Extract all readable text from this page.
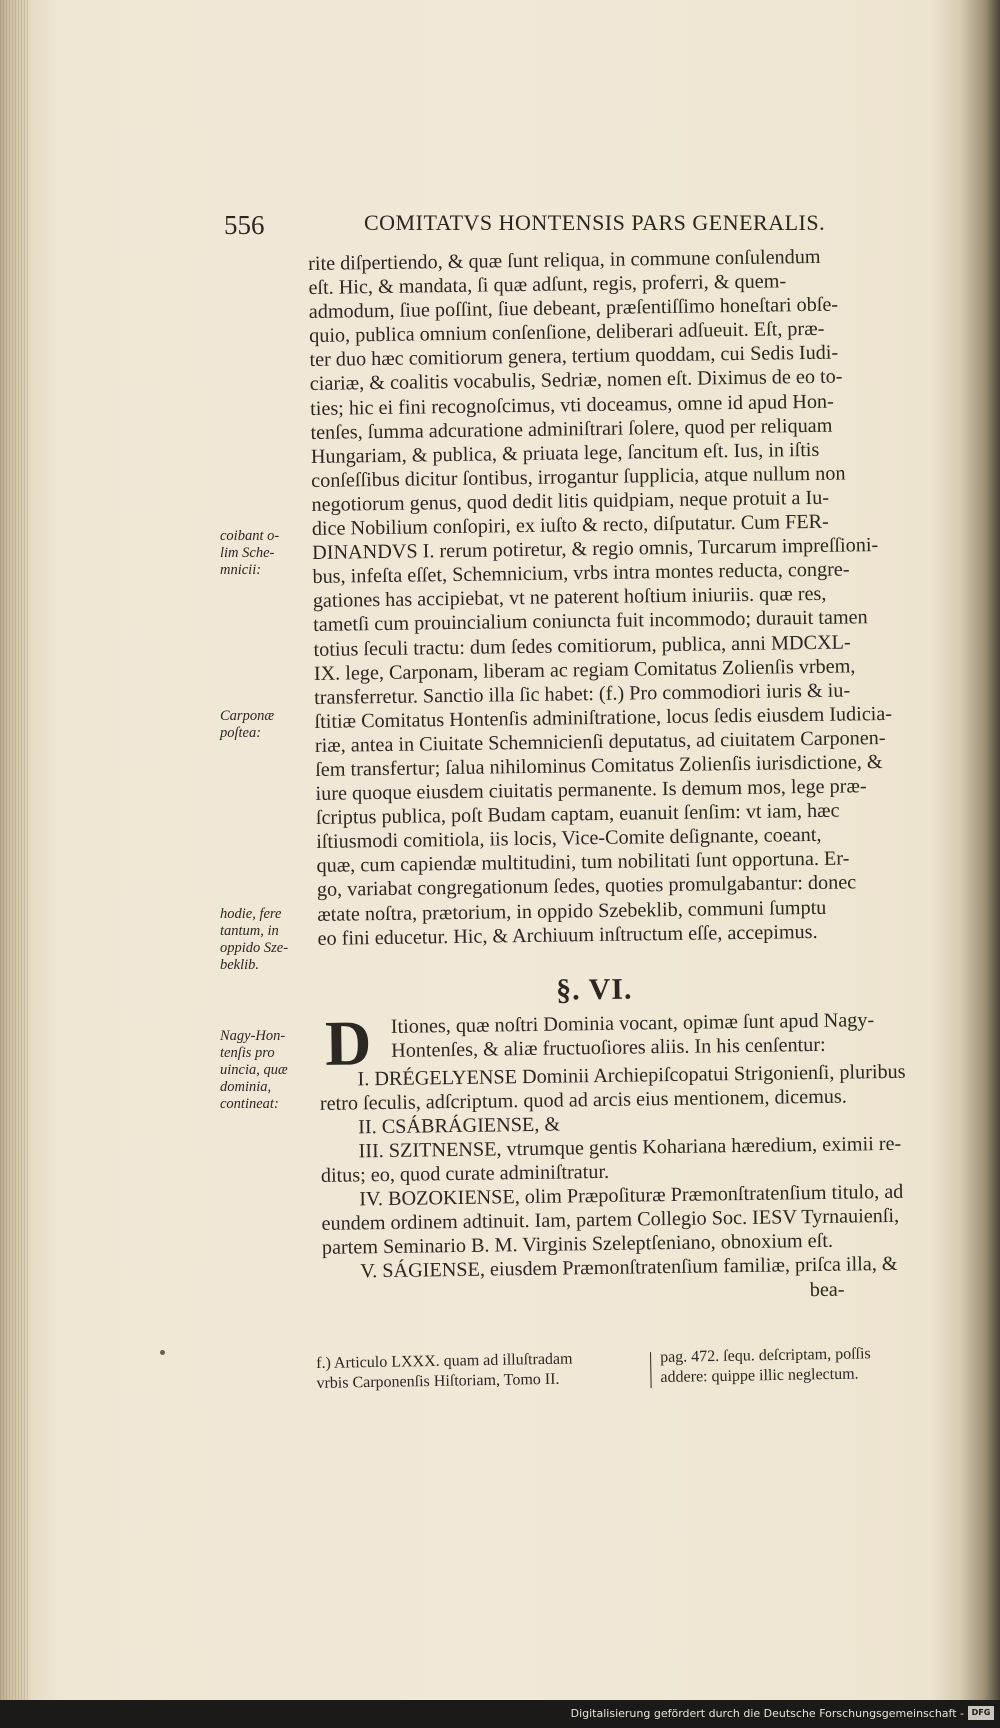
556	COMITATVS HONTENSIS PARS GENERALIS.
coibant o-
lim Sche-
mnicii:
Carponæ
poſtea:
hodie, fere
tantum, in
oppido Sze-
beklib.
Nagy-Hon-
tenſis pro
uincia, quæ
dominia,
contineat:
rite diſpertiendo, & quæ ſunt reliqua, in commune conſulendum
eſt. Hic, & mandata, ſi quæ adſunt, regis, proferri, & quem-
admodum, ſiue poſſint, ſiue debeant, præſentiſſimo honeſtari obſe-
quio, publica omnium conſenſione, deliberari adſueuit. Eſt, præ-
ter duo hæc comitiorum genera, tertium quoddam, cui Sedis Iudi-
ciariæ, & coalitis vocabulis, Sedriæ, nomen eſt. Diximus de eo to-
ties; hic ei fini recognoſcimus, vti doceamus, omne id apud Hon-
tenſes, ſumma adcuratione adminiſtrari ſolere, quod per reliquam
Hungariam, & publica, & priuata lege, ſancitum eſt. Ius, in iſtis
conſeſſibus dicitur ſontibus, irrogantur ſupplicia, atque nullum non
negotiorum genus, quod dedit litis quidpiam, neque protuit a Iu-
dice Nobilium conſopiri, ex iuſto & recto, diſputatur. Cum FER-
DINANDVS I. rerum potiretur, & regio omnis, Turcarum impreſſioni-
bus, infeſta eſſet, Schemnicium, vrbs intra montes reducta, congre-
gationes has accipiebat, vt ne paterent hoſtium iniuriis. quæ res,
tametſi cum prouincialium coniuncta fuit incommodo; durauit tamen
totius ſeculi tractu: dum ſedes comitiorum, publica, anni MDCXL-
IX. lege, Carponam, liberam ac regiam Comitatus Zolienſis vrbem,
transferretur. Sanctio illa ſic habet: (f.) Pro commodiori iuris & iu-
ſtitiæ Comitatus Hontenſis adminiſtratione, locus ſedis eiusdem Iudicia-
riæ, antea in Ciuitate Schemnicienſi deputatus, ad ciuitatem Carponen-
ſem transfertur; ſalua nihilominus Comitatus Zolienſis iurisdictione, &
iure quoque eiusdem ciuitatis permanente. Is demum mos, lege præ-
ſcriptus publica, poſt Budam captam, euanuit ſenſim: vt iam, hæc
iſtiusmodi comitiola, iis locis, Vice-Comite deſignante, coeant,
quæ, cum capiendæ multitudini, tum nobilitati ſunt opportuna. Er-
go, variabat congregationum ſedes, quoties promulgabantur: donec
ætate noſtra, prætorium, in oppido Szebeklib, communi ſumptu
eo fini educetur. Hic, & Archiuum inſtructum eſſe, accepimus.
§. VI.
D Itiones, quæ noſtri Dominia vocant, opimæ ſunt apud Nagy-
Hontenſes, & aliæ fructuoſiores aliis. In his cenſentur:
I. DRÉGELYENSE Dominii Archiepiſcopatui Strigonienſi, pluribus
retro ſeculis, adſcriptum. quod ad arcis eius mentionem, dicemus.
II. CSÁBRÁGIENSE, &
III. SZITNENSE, vtrumque gentis Kohariana hæredium, eximii re-
ditus; eo, quod curate adminiſtratur.
IV. BOZOKIENSE, olim Præpoſituræ Præmonſtratenſium titulo, ad
eundem ordinem adtinuit. Iam, partem Collegio Soc. IESV Tyrnauienſi,
partem Seminario B. M. Virginis Szeleptſeniano, obnoxium eſt.
V. SÁGIENSE, eiusdem Præmonſtratenſium familiæ, priſca illa, &
bea-
f.) Articulo LXXX. quam ad illuſtradam
vrbis Carponenſis Hiſtoriam, Tomo II.
pag. 472. ſequ. deſcriptam, poſſis
addere: quippe illic neglectum.
Digitalisierung gefördert durch die Deutsche Forschungsgemeinschaft - DFG
